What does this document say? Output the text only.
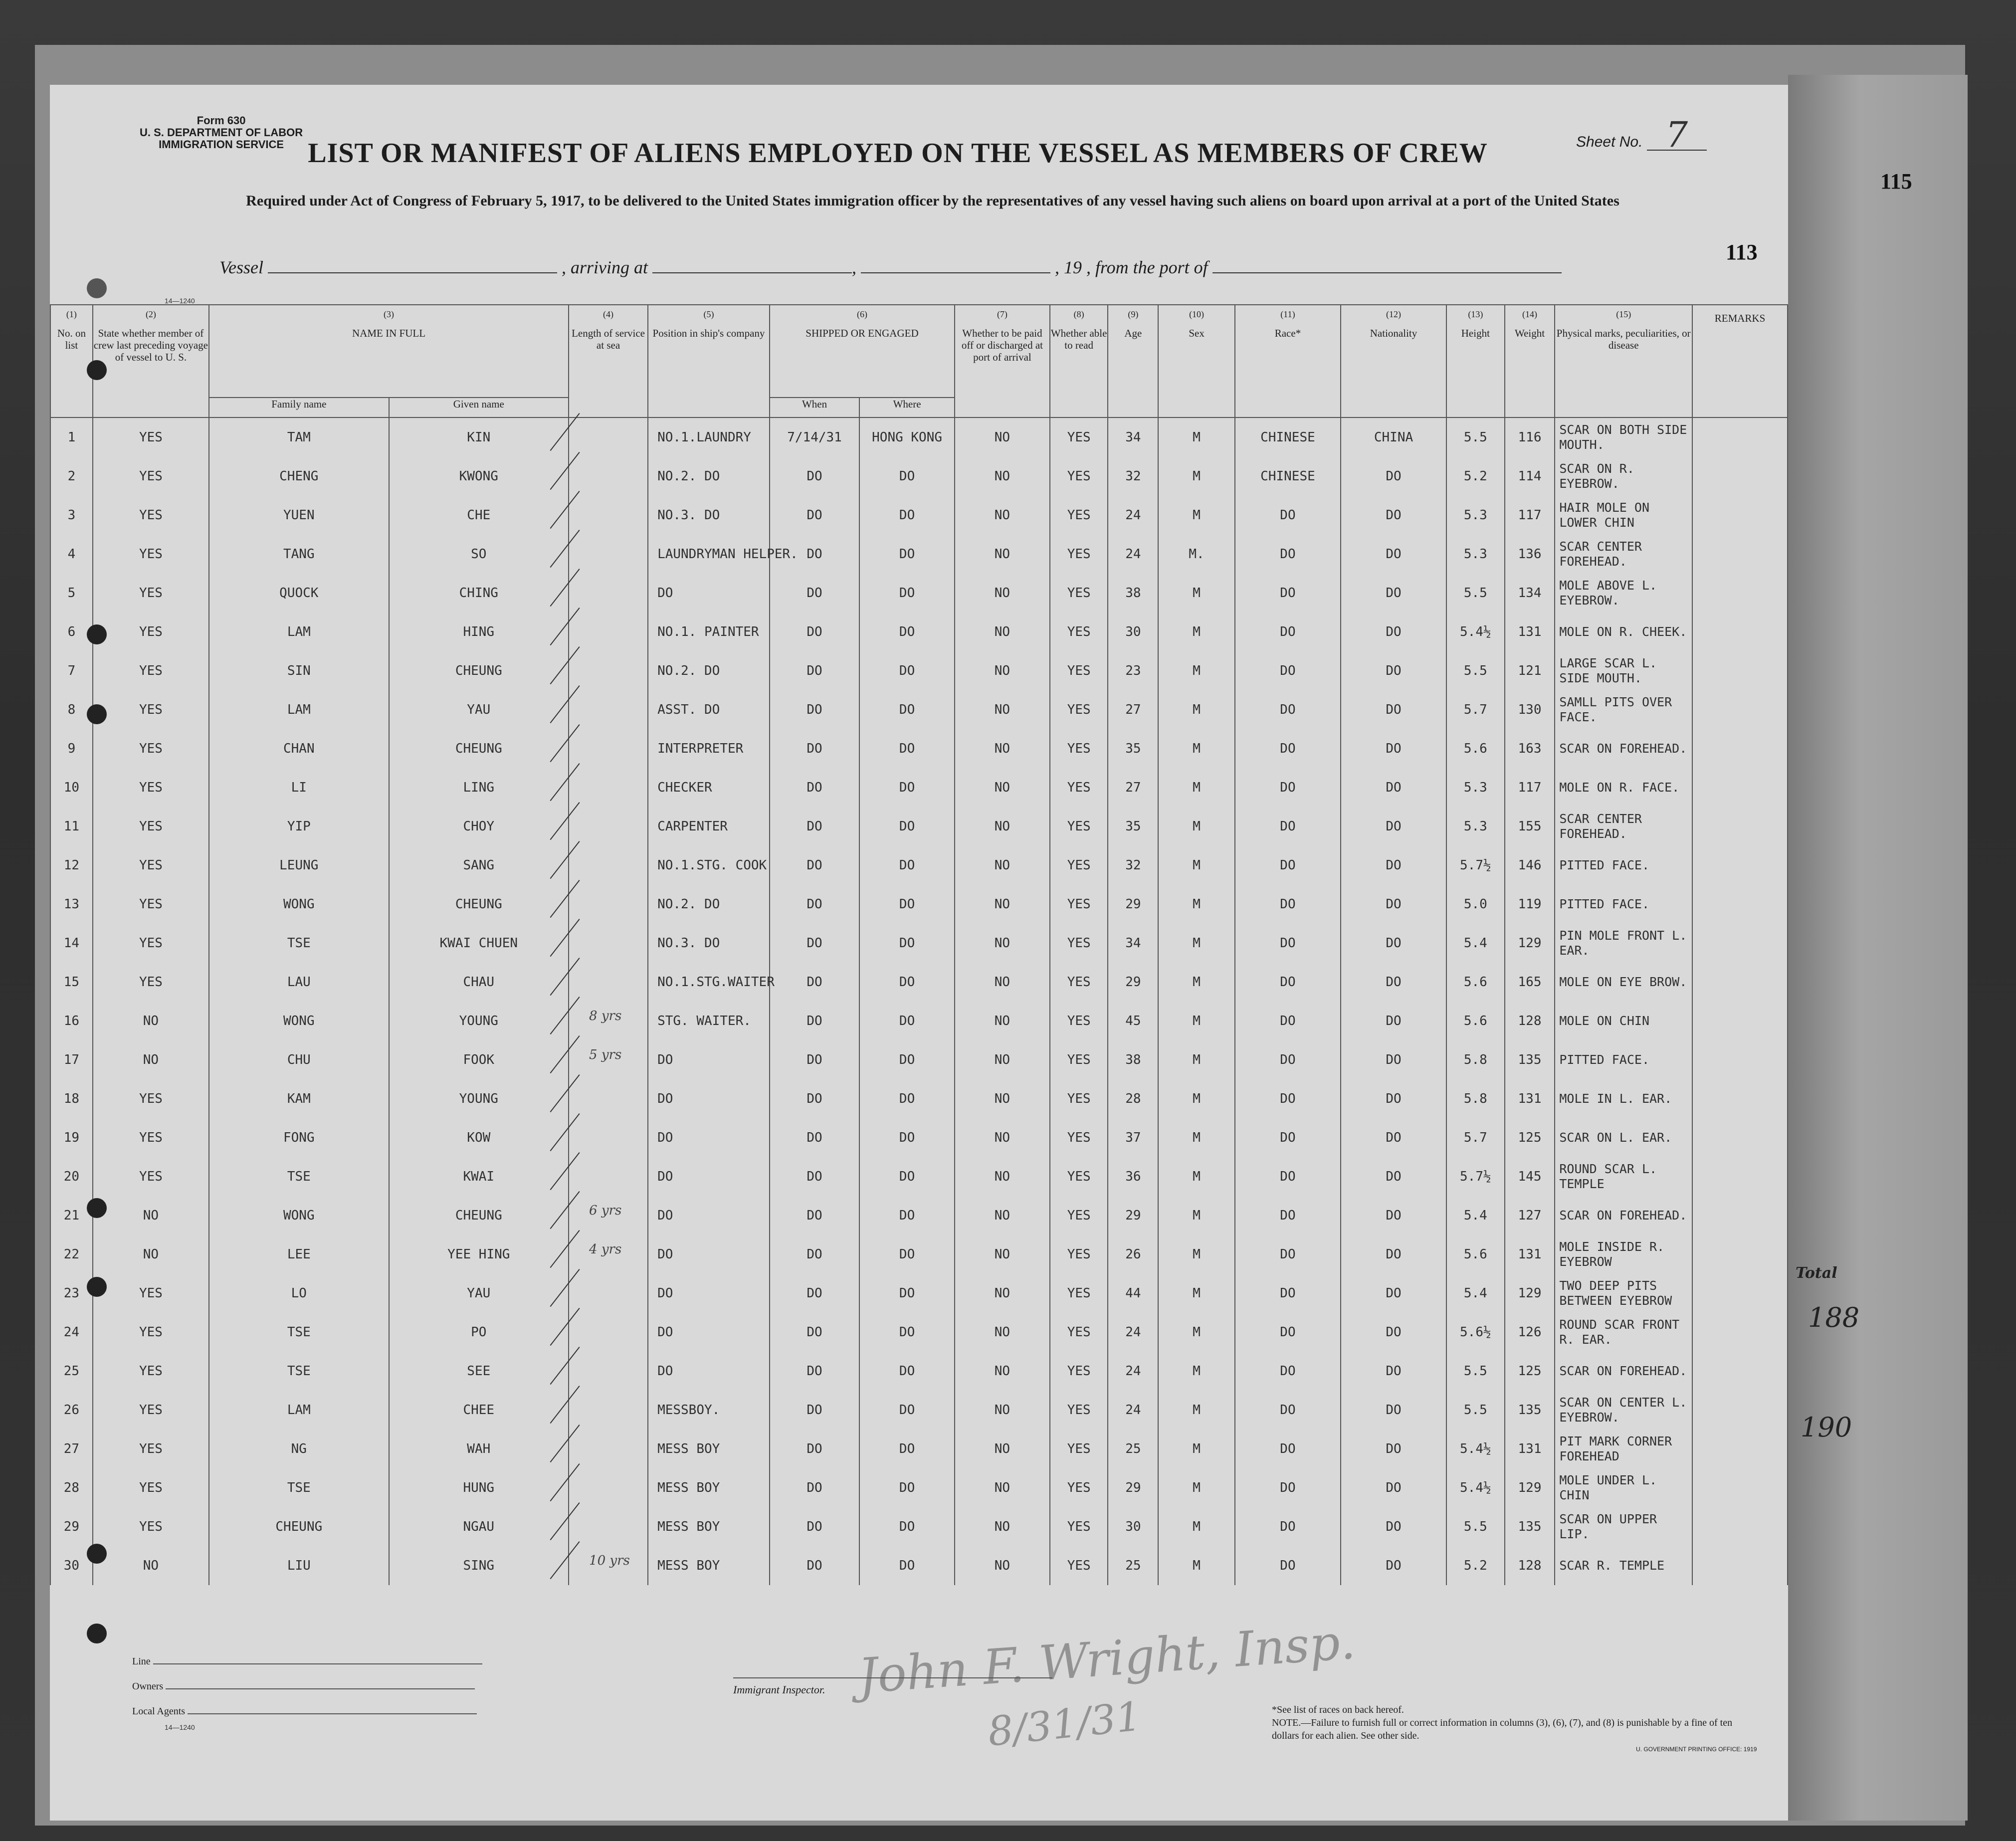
115
Form 630
U. S. DEPARTMENT OF LABOR
IMMIGRATION SERVICE	Sheet No. 7
LIST OR MANIFEST OF ALIENS EMPLOYED ON THE VESSEL AS MEMBERS OF CREW
Required under Act of Congress of February 5, 1917, to be delivered to the United States immigration officer by the representatives of any vessel having such aliens on board upon arrival at a port of the United States
113
Vessel	, arriving at	,	, 19 , from the port of
14—1240
(1)
No. on list	(2)
State whether member of crew last preceding voyage of vessel to U. S.	(3)
NAME IN FULL		(4)
Length of service at sea	(5)
Position in ship's company	(6)
SHIPPED OR ENGAGED		(7)
Whether to be paid off or discharged at port of arrival	(8)
Whether able to read	(9)
Age	(10)
Sex	(11)
Race*	(12)
Nationality	(13)
Height	(14)
Weight	(15)
Physical marks, peculiarities, or disease	REMARKS
		Family name	Given name			When	Where										
1	YES	TAM	KIN		NO.1.LAUNDRY	7/14/31	HONG KONG	NO	YES	34	M	CHINESE	CHINA	5.5	116	SCAR ON BOTH SIDE MOUTH.	
2	YES	CHENG	KWONG		NO.2. DO	DO	DO	NO	YES	32	M	CHINESE	DO	5.2	114	SCAR ON R. EYEBROW.	
3	YES	YUEN	CHE		NO.3. DO	DO	DO	NO	YES	24	M	DO	DO	5.3	117	HAIR MOLE ON LOWER CHIN	
4	YES	TANG	SO		LAUNDRYMAN HELPER.	DO	DO	NO	YES	24	M.	DO	DO	5.3	136	SCAR CENTER FOREHEAD.	
5	YES	QUOCK	CHING		DO	DO	DO	NO	YES	38	M	DO	DO	5.5	134	MOLE ABOVE L. EYEBROW.	
6	YES	LAM	HING		NO.1. PAINTER	DO	DO	NO	YES	30	M	DO	DO	5.4½	131	MOLE ON R. CHEEK.	
7	YES	SIN	CHEUNG		NO.2. DO	DO	DO	NO	YES	23	M	DO	DO	5.5	121	LARGE SCAR L. SIDE MOUTH.	
8	YES	LAM	YAU		ASST. DO	DO	DO	NO	YES	27	M	DO	DO	5.7	130	SAMLL PITS OVER FACE.	
9	YES	CHAN	CHEUNG		INTERPRETER	DO	DO	NO	YES	35	M	DO	DO	5.6	163	SCAR ON FOREHEAD.	
10	YES	LI	LING		CHECKER	DO	DO	NO	YES	27	M	DO	DO	5.3	117	MOLE ON R. FACE.	
11	YES	YIP	CHOY		CARPENTER	DO	DO	NO	YES	35	M	DO	DO	5.3	155	SCAR CENTER FOREHEAD.	
12	YES	LEUNG	SANG		NO.1.STG. COOK	DO	DO	NO	YES	32	M	DO	DO	5.7½	146	PITTED FACE.	
13	YES	WONG	CHEUNG		NO.2. DO	DO	DO	NO	YES	29	M	DO	DO	5.0	119	PITTED FACE.	
14	YES	TSE	KWAI CHUEN		NO.3. DO	DO	DO	NO	YES	34	M	DO	DO	5.4	129	PIN MOLE FRONT L. EAR.	
15	YES	LAU	CHAU		NO.1.STG.WAITER	DO	DO	NO	YES	29	M	DO	DO	5.6	165	MOLE ON EYE BROW.	
16	NO	WONG	YOUNG	8 yrs	STG. WAITER.	DO	DO	NO	YES	45	M	DO	DO	5.6	128	MOLE ON CHIN	
17	NO	CHU	FOOK	5 yrs	DO	DO	DO	NO	YES	38	M	DO	DO	5.8	135	PITTED FACE.	
18	YES	KAM	YOUNG		DO	DO	DO	NO	YES	28	M	DO	DO	5.8	131	MOLE IN L. EAR.	
19	YES	FONG	KOW		DO	DO	DO	NO	YES	37	M	DO	DO	5.7	125	SCAR ON L. EAR.	
20	YES	TSE	KWAI		DO	DO	DO	NO	YES	36	M	DO	DO	5.7½	145	ROUND SCAR L. TEMPLE	
21	NO	WONG	CHEUNG	6 yrs	DO	DO	DO	NO	YES	29	M	DO	DO	5.4	127	SCAR ON FOREHEAD.	
22	NO	LEE	YEE HING	4 yrs	DO	DO	DO	NO	YES	26	M	DO	DO	5.6	131	MOLE INSIDE R. EYEBROW	
23	YES	LO	YAU		DO	DO	DO	NO	YES	44	M	DO	DO	5.4	129	TWO DEEP PITS BETWEEN EYEBROW	
24	YES	TSE	PO		DO	DO	DO	NO	YES	24	M	DO	DO	5.6½	126	ROUND SCAR FRONT R. EAR.	
25	YES	TSE	SEE		DO	DO	DO	NO	YES	24	M	DO	DO	5.5	125	SCAR ON FOREHEAD.	
26	YES	LAM	CHEE		MESSBOY.	DO	DO	NO	YES	24	M	DO	DO	5.5	135	SCAR ON CENTER L. EYEBROW.	
27	YES	NG	WAH		MESS BOY	DO	DO	NO	YES	25	M	DO	DO	5.4½	131	PIT MARK CORNER FOREHEAD	
28	YES	TSE	HUNG		MESS BOY	DO	DO	NO	YES	29	M	DO	DO	5.4½	129	MOLE UNDER L. CHIN	
29	YES	CHEUNG	NGAU		MESS BOY	DO	DO	NO	YES	30	M	DO	DO	5.5	135	SCAR ON UPPER LIP.	
30	NO	LIU	SING	10 yrs	MESS BOY	DO	DO	NO	YES	25	M	DO	DO	5.2	128	SCAR R. TEMPLE	
John F. Wright, Insp.
8/31/31
Line
Owners
Local Agents
14—1240
Immigrant Inspector.
*See list of races on back hereof.
NOTE.—Failure to furnish full or correct information in columns (3), (6), (7), and (8) is punishable by a fine of ten dollars for each alien. See other side.
U. GOVERNMENT PRINTING OFFICE: 1919
Total
188
190
